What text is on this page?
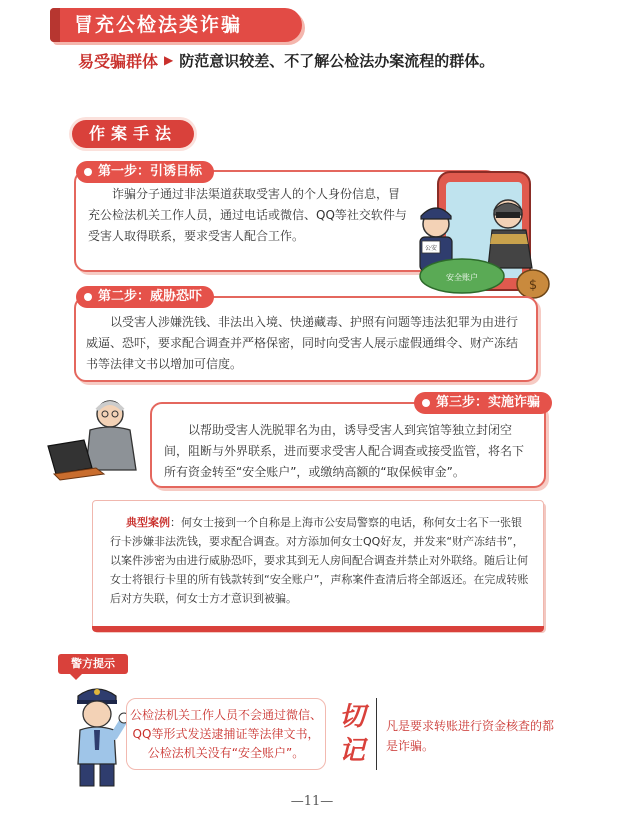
冒充公检法类诈骗
易受骗群体 ▶ 防范意识较差、不了解公检法办案流程的群体。
作案手法
诈骗分子通过非法渠道获取受害人的个人身份信息，冒充公检法机关工作人员，通过电话或微信、QQ等社交软件与受害人取得联系，要求受害人配合工作。
第一步：引诱目标
公安
$
安全账户
以受害人涉嫌洗钱、非法出入境、快递藏毒、护照有问题等违法犯罪为由进行威逼、恐吓，要求配合调查并严格保密，同时向受害人展示虚假通缉令、财产冻结书等法律文书以增加可信度。
第二步：威胁恐吓
以帮助受害人洗脱罪名为由，诱导受害人到宾馆等独立封闭空间，阻断与外界联系，进而要求受害人配合调查或接受监管，将名下所有资金转至“安全账户”，或缴纳高额的“取保候审金”。
第三步：实施诈骗
典型案例：何女士接到一个自称是上海市公安局警察的电话，称何女士名下一张银行卡涉嫌非法洗钱，要求配合调查。对方添加何女士QQ好友，并发来“财产冻结书”，以案件涉密为由进行威胁恐吓，要求其到无人房间配合调查并禁止对外联络。随后让何女士将银行卡里的所有钱款转到“安全账户”，声称案件查清后将全部返还。在完成转账后对方失联，何女士方才意识到被骗。
警方提示
公检法机关工作人员不会通过微信、QQ等形式发送逮捕证等法律文书，公检法机关没有“安全账户”。
切
记
凡是要求转账进行资金核查的都是诈骗。
—11—
